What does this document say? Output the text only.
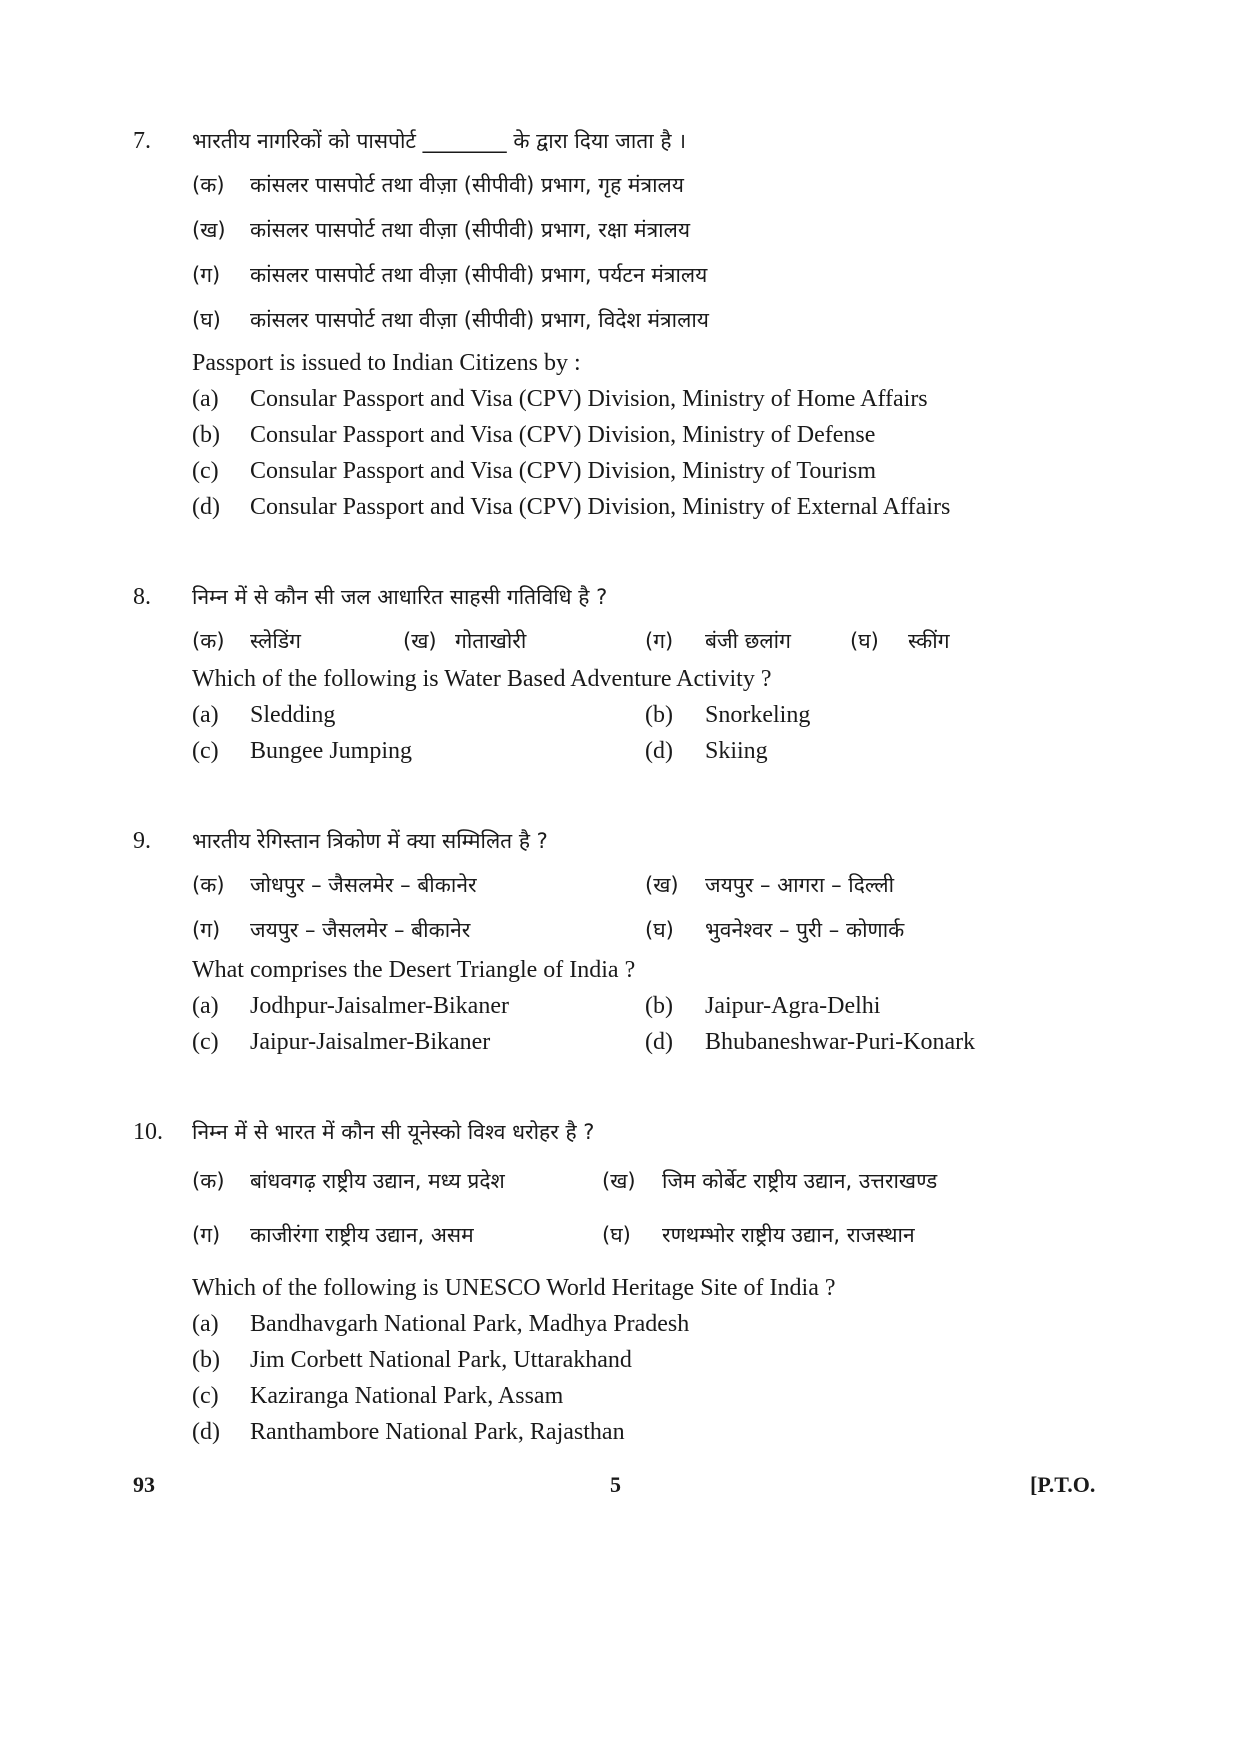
7.	भारतीय नागरिकों को पासपोर्ट ________ के द्वारा दिया जाता है ।
(क)	कांसलर पासपोर्ट तथा वीज़ा (सीपीवी) प्रभाग, गृह मंत्रालय
(ख)	कांसलर पासपोर्ट तथा वीज़ा (सीपीवी) प्रभाग, रक्षा मंत्रालय
(ग)	कांसलर पासपोर्ट तथा वीज़ा (सीपीवी) प्रभाग, पर्यटन मंत्रालय
(घ)	कांसलर पासपोर्ट तथा वीज़ा (सीपीवी) प्रभाग, विदेश मंत्रालाय
Passport is issued to Indian Citizens by :
(a)	Consular Passport and Visa (CPV) Division, Ministry of Home Affairs
(b)	Consular Passport and Visa (CPV) Division, Ministry of Defense
(c)	Consular Passport and Visa (CPV) Division, Ministry of Tourism
(d)	Consular Passport and Visa (CPV) Division, Ministry of External Affairs
8.	निम्न में से कौन सी जल आधारित साहसी गतिविधि है ?
(क) स्लेडिंग	(ख) गोताखोरी	(ग) बंजी छलांग	(घ) स्कींग
Which of the following is Water Based Adventure Activity ?
(a)	Sledding	(b) Snorkeling
(c)	Bungee Jumping	(d) Skiing
9.	भारतीय रेगिस्तान त्रिकोण में क्या सम्मिलित है ?
(क)	जोधपुर – जैसलमेर – बीकानेर	(ख) जयपुर – आगरा – दिल्ली
(ग)	जयपुर – जैसलमेर – बीकानेर	(घ) भुवनेश्वर – पुरी – कोणार्क
What comprises the Desert Triangle of India ?
(a)	Jodhpur-Jaisalmer-Bikaner	(b) Jaipur-Agra-Delhi
(c)	Jaipur-Jaisalmer-Bikaner	(d) Bhubaneshwar-Puri-Konark
10.	निम्न में से भारत में कौन सी यूनेस्को विश्व धरोहर है ?
(क)	बांधवगढ़ राष्ट्रीय उद्यान, मध्य प्रदेश	(ख) जिम कोर्बेट राष्ट्रीय उद्यान, उत्तराखण्ड
(ग)	काजीरंगा राष्ट्रीय उद्यान, असम	(घ) रणथम्भोर राष्ट्रीय उद्यान, राजस्थान
Which of the following is UNESCO World Heritage Site of India ?
(a)	Bandhavgarh National Park, Madhya Pradesh
(b)	Jim Corbett National Park, Uttarakhand
(c)	Kaziranga National Park, Assam
(d)	Ranthambore National Park, Rajasthan
93	5	[P.T.O.
